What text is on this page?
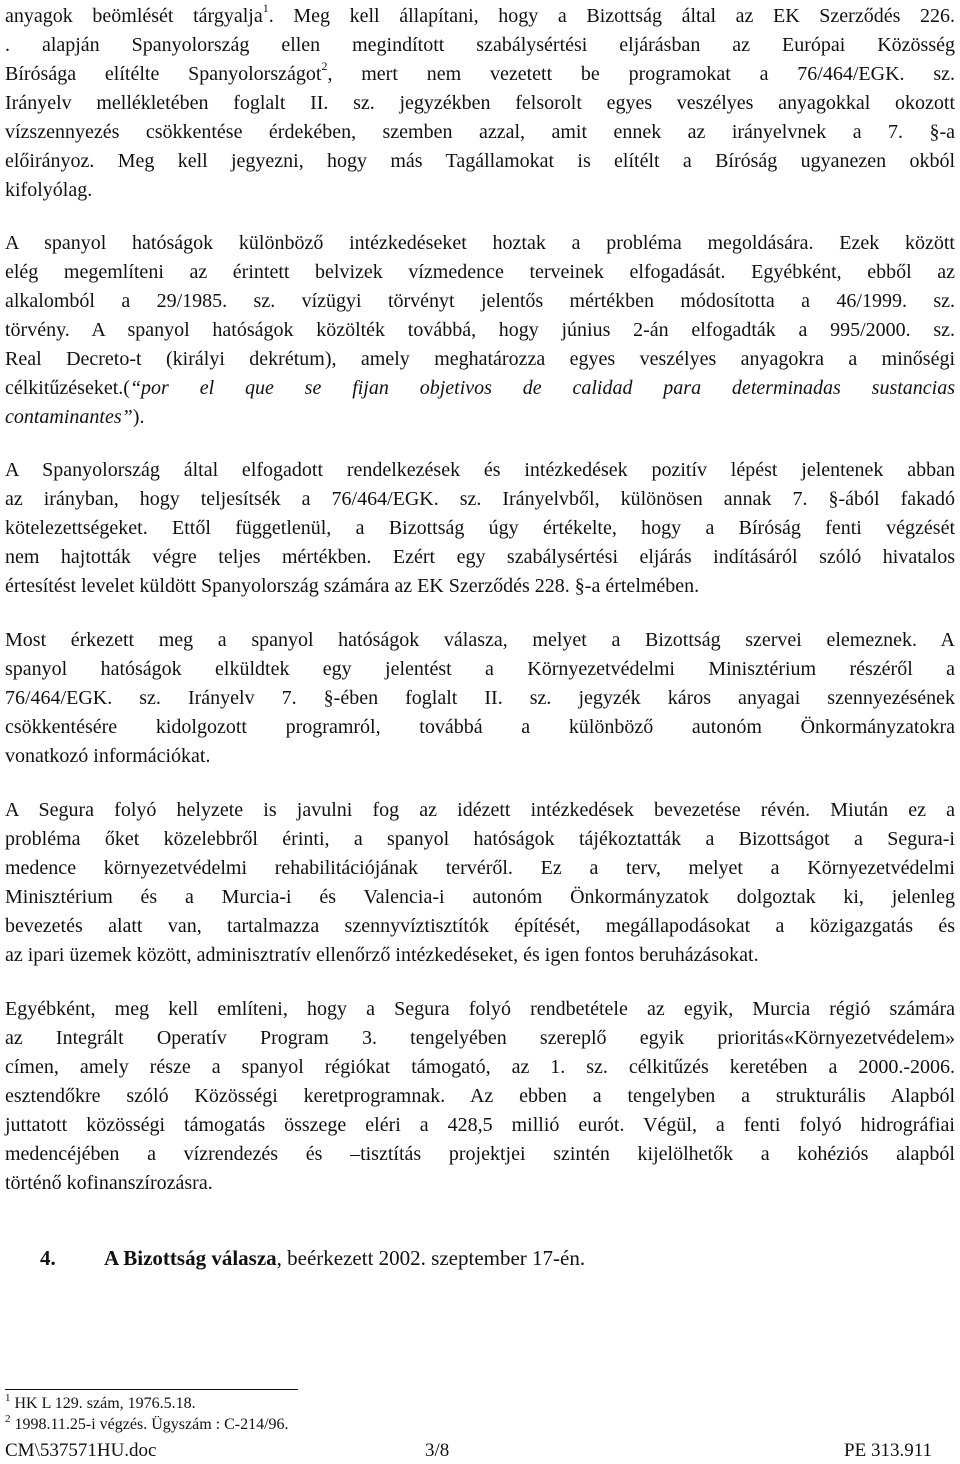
anyagok beömlését tárgyalja$^1$. Meg kell állapítani, hogy a Bizottság által az EK Szerződés 226.
. alapján Spanyolország ellen megindított szabálysértési eljárásban az Európai Közösség
Bírósága elítélte Spanyolországot$^2$, mert nem vezetett be programokat a 76/464/EGK. sz.
Irányelv mellékletében foglalt II. sz. jegyzékben felsorolt egyes veszélyes anyagokkal okozott
vízszennyezés csökkentése érdekében, szemben azzal, amit ennek az irányelvnek a 7. §-a
előirányoz. Meg kell jegyezni, hogy más Tagállamokat is elítélt a Bíróság ugyanezen okból
kifolyólag.
A spanyol hatóságok különböző intézkedéseket hoztak a probléma megoldására. Ezek között
elég megemlíteni az érintett belvizek vízmedence terveinek elfogadását. Egyébként, ebből az
alkalomból a 29/1985. sz. vízügyi törvényt jelentős mértékben módosította a 46/1999. sz.
törvény. A spanyol hatóságok közölték továbbá, hogy június 2-án elfogadták a 995/2000. sz.
Real Decreto-t (királyi dekrétum), amely meghatározza egyes veszélyes anyagokra a minőségi
célkitűzéseket.(“por el que se fijan objetivos de calidad para determinadas sustancias
contaminantes”).
A Spanyolország által elfogadott rendelkezések és intézkedések pozitív lépést jelentenek abban
az irányban, hogy teljesítsék a 76/464/EGK. sz. Irányelvből, különösen annak 7. §-ából fakadó
kötelezettségeket. Ettől függetlenül, a Bizottság úgy értékelte, hogy a Bíróság fenti végzését
nem hajtották végre teljes mértékben. Ezért egy szabálysértési eljárás indításáról szóló hivatalos
értesítést levelet küldött Spanyolország számára az EK Szerződés 228. §-a értelmében.
Most érkezett meg a spanyol hatóságok válasza, melyet a Bizottság szervei elemeznek. A
spanyol hatóságok elküldtek egy jelentést a Környezetvédelmi Minisztérium részéről a
76/464/EGK. sz. Irányelv 7. §-ében foglalt II. sz. jegyzék káros anyagai szennyezésének
csökkentésére kidolgozott programról, továbbá a különböző autonóm Önkormányzatokra
vonatkozó információkat.
A Segura folyó helyzete is javulni fog az idézett intézkedések bevezetése révén. Miután ez a
probléma őket közelebbről érinti, a spanyol hatóságok tájékoztatták a Bizottságot a Segura-i
medence környezetvédelmi rehabilitációjának tervéről. Ez a terv, melyet a Környezetvédelmi
Minisztérium és a Murcia-i és Valencia-i autonóm Önkormányzatok dolgoztak ki, jelenleg
bevezetés alatt van, tartalmazza szennyvíztisztítók építését, megállapodásokat a közigazgatás és
az ipari üzemek között, adminisztratív ellenőrző intézkedéseket, és igen fontos beruházásokat.
Egyébként, meg kell említeni, hogy a Segura folyó rendbetétele az egyik, Murcia régió számára
az Integrált Operatív Program 3. tengelyében szereplő egyik prioritás«Környezetvédelem»
címen, amely része a spanyol régiókat támogató, az 1. sz. célkitűzés keretében a 2000.-2006.
esztendőkre szóló Közösségi keretprogramnak. Az ebben a tengelyben a strukturális Alapból
juttatott közösségi támogatás összege eléri a 428,5 millió eurót. Végül, a fenti folyó hidrográfiai
medencéjében a vízrendezés és –tisztítás projektjei szintén kijelölhetők a kohéziós alapból
történő kofinanszírozásra.
4. A Bizottság válasza, beérkezett 2002. szeptember 17-én.
$^1$ HK L 129. szám, 1976.5.18.
$^2$ 1998.11.25-i végzés. Ügyszám : C-214/96.
CM\537571HU.doc	3/8	PE 313.911
